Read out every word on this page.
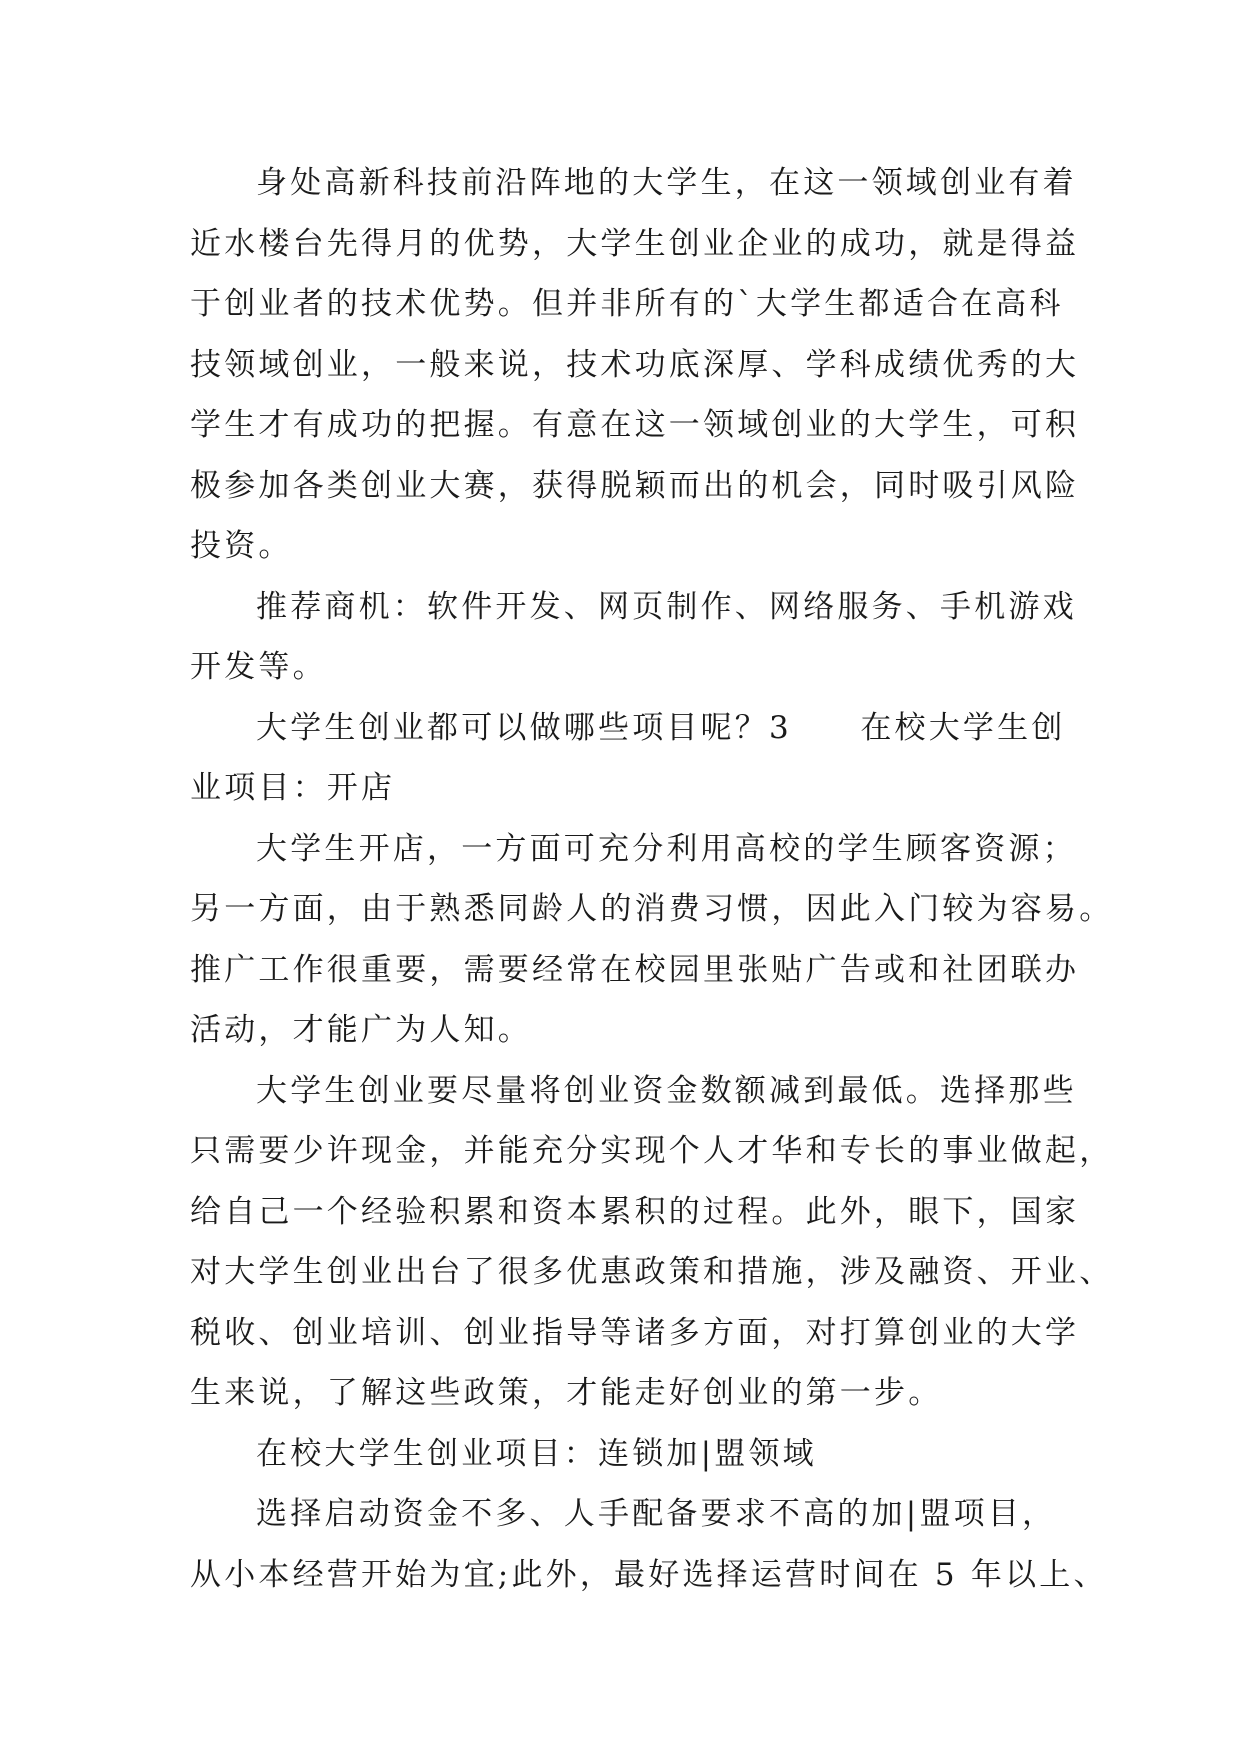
身处高新科技前沿阵地的大学生，在这一领域创业有着
近水楼台先得月的优势，大学生创业企业的成功，就是得益
于创业者的技术优势。但并非所有的`大学生都适合在高科
技领域创业，一般来说，技术功底深厚、学科成绩优秀的大
学生才有成功的把握。有意在这一领域创业的大学生，可积
极参加各类创业大赛，获得脱颖而出的机会，同时吸引风险
投资。
推荐商机：软件开发、网页制作、网络服务、手机游戏
开发等。
大学生创业都可以做哪些项目呢？3　　在校大学生创
业项目：开店
大学生开店，一方面可充分利用高校的学生顾客资源；
另一方面，由于熟悉同龄人的消费习惯，因此入门较为容易。
推广工作很重要，需要经常在校园里张贴广告或和社团联办
活动，才能广为人知。
大学生创业要尽量将创业资金数额减到最低。选择那些
只需要少许现金，并能充分实现个人才华和专长的事业做起，
给自己一个经验积累和资本累积的过程。此外，眼下，国家
对大学生创业出台了很多优惠政策和措施，涉及融资、开业、
税收、创业培训、创业指导等诸多方面，对打算创业的大学
生来说，了解这些政策，才能走好创业的第一步。
在校大学生创业项目：连锁加|盟领域
选择启动资金不多、人手配备要求不高的加|盟项目，
从小本经营开始为宜;此外，最好选择运营时间在 5 年以上、
